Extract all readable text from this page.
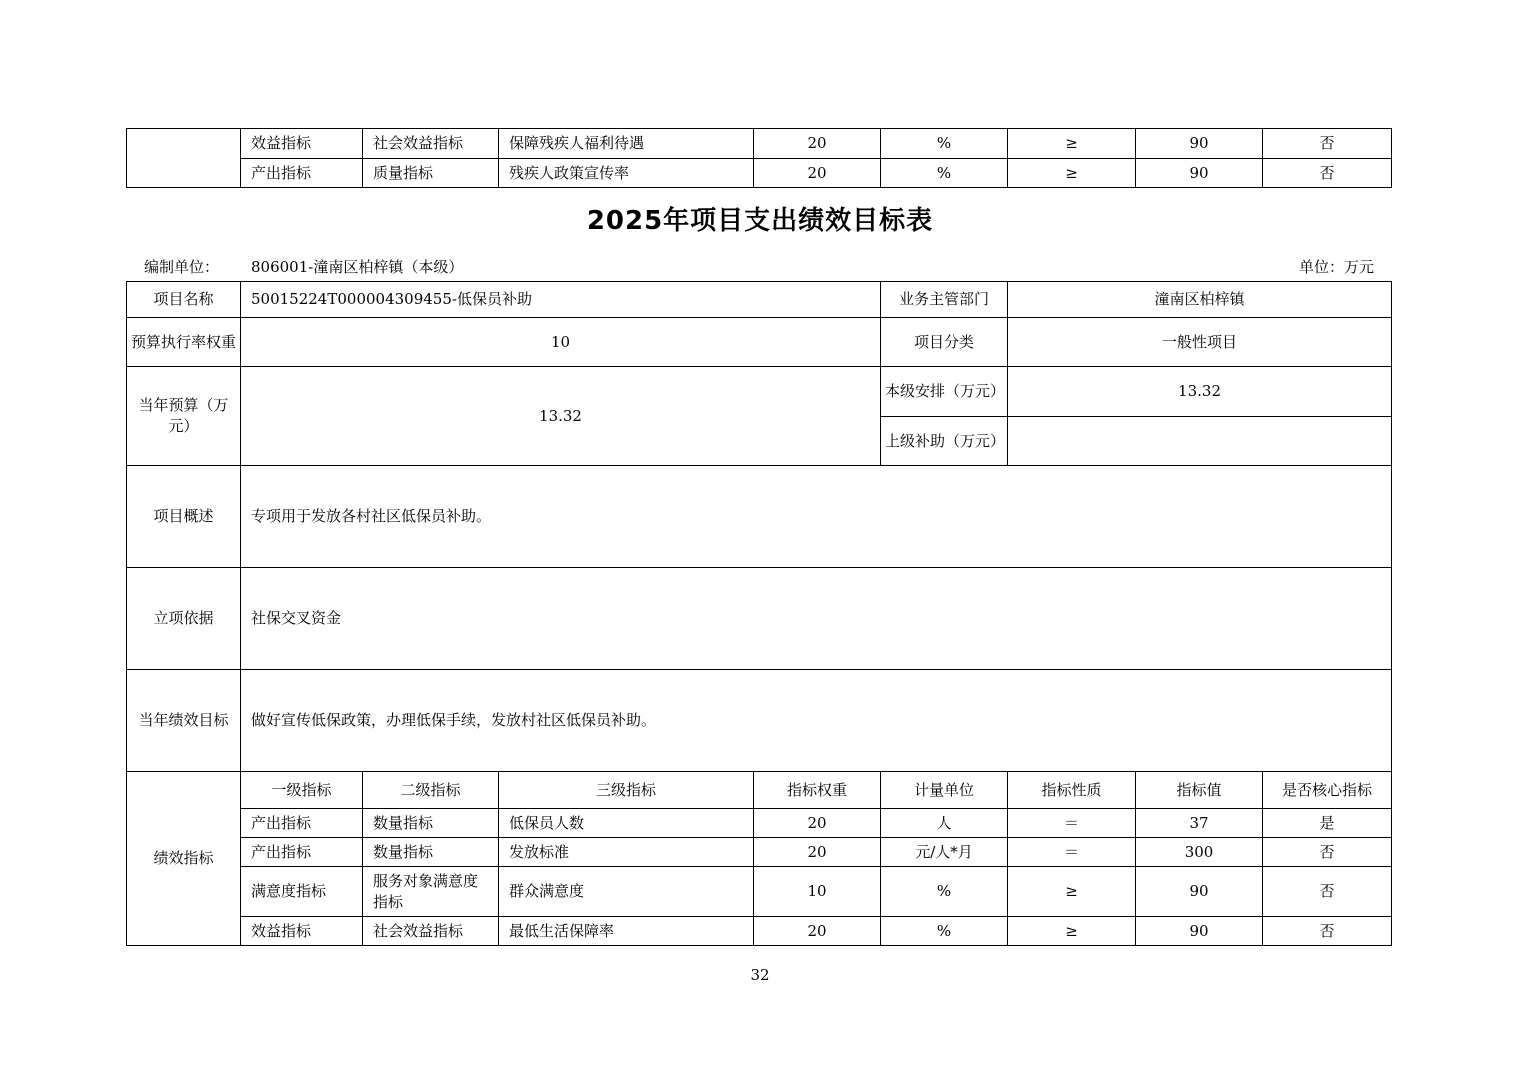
	效益指标	社会效益指标	保障残疾人福利待遇	20	%	≥	90	否
	产出指标	质量指标	残疾人政策宣传率	20	%	≥	90	否
2025年项目支出绩效目标表
编制单位： 806001-潼南区柏梓镇（本级）	单位：万元
项目名称	50015224T000004309455-低保员补助				业务主管部门	潼南区柏梓镇		
预算执行率权重	10				项目分类	一般性项目		
当年预算（万元）	13.32				本级安排（万元）	13.32		
					上级补助（万元）			
项目概述	专项用于发放各村社区低保员补助。							
立项依据	社保交叉资金							
当年绩效目标	做好宣传低保政策，办理低保手续，发放村社区低保员补助。							
绩效指标	一级指标	二级指标	三级指标	指标权重	计量单位	指标性质	指标值	是否核心指标
	产出指标	数量指标	低保员人数	20	人	＝	37	是
	产出指标	数量指标	发放标准	20	元/人*月	＝	300	否
	满意度指标	服务对象满意度指标	群众满意度	10	%	≥	90	否
	效益指标	社会效益指标	最低生活保障率	20	%	≥	90	否
32
